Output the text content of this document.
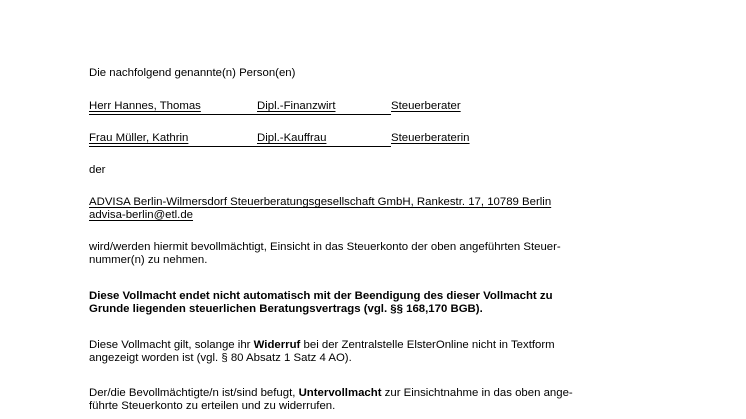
Die nachfolgend genannte(n) Person(en)
Herr Hannes, Thomas	Dipl.-Finanzwirt	Steuerberater
Frau Müller, Kathrin	Dipl.-Kauffrau	Steuerberaterin
der
ADVISA Berlin-Wilmersdorf Steuerberatungsgesellschaft GmbH, Rankestr. 17, 10789 Berlin
advisa-berlin@etl.de
wird/werden hiermit bevollmächtigt, Einsicht in das Steuerkonto der oben angeführten Steuer-
nummer(n) zu nehmen.
Diese Vollmacht endet nicht automatisch mit der Beendigung des dieser Vollmacht zu
Grunde liegenden steuerlichen Beratungsvertrags (vgl. §§ 168,170 BGB).
Diese Vollmacht gilt, solange ihr Widerruf bei der Zentralstelle ElsterOnline nicht in Textform
angezeigt worden ist (vgl. § 80 Absatz 1 Satz 4 AO).
Der/die Bevollmächtigte/n ist/sind befugt, Untervollmacht zur Einsichtnahme in das oben ange-
führte Steuerkonto zu erteilen und zu widerrufen.
